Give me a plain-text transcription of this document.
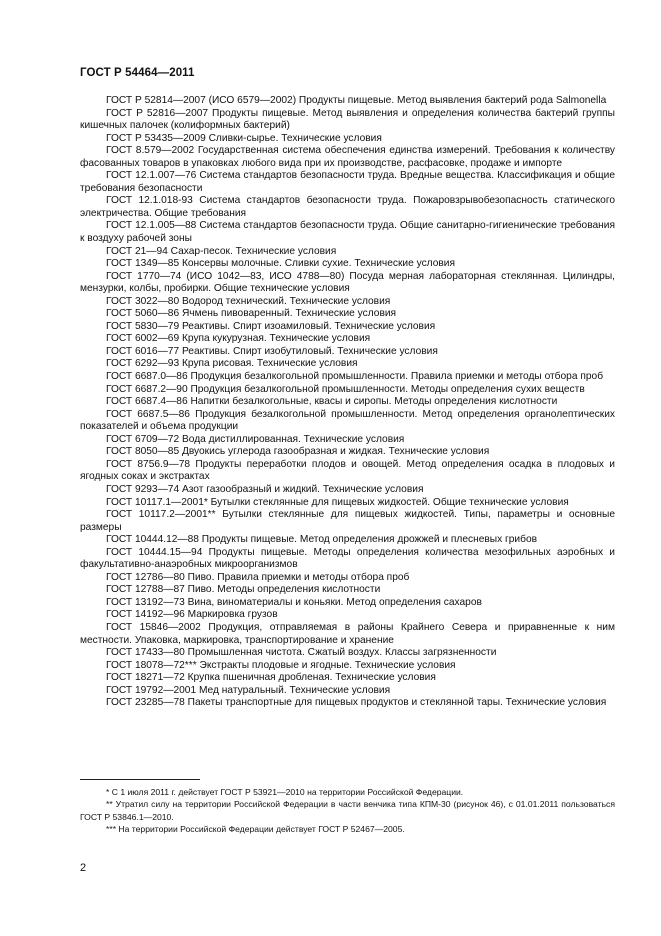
ГОСТ Р 54464—2011

ГОСТ Р 52814—2007 (ИСО 6579—2002) Продукты пищевые. Метод выявления бактерий рода Salmonella

ГОСТ Р 52816—2007 Продукты пищевые. Метод выявления и определения количества бактерий группы кишечных палочек (колиформных бактерий)

ГОСТ Р 53435—2009 Сливки-сырье. Технические условия

ГОСТ 8.579—2002 Государственная система обеспечения единства измерений. Требования к количеству фасованных товаров в упаковках любого вида при их производстве, расфасовке, продаже и импорте

ГОСТ 12.1.007—76 Система стандартов безопасности труда. Вредные вещества. Классификация и общие требования безопасности

ГОСТ 12.1.018-93 Система стандартов безопасности труда. Пожаровзрывобезопасность статического электричества. Общие требования

ГОСТ 12.1.005—88 Система стандартов безопасности труда. Общие санитарно-гигиенические требования к воздуху рабочей зоны

ГОСТ 21—94 Сахар-песок. Технические условия

ГОСТ 1349—85 Консервы молочные. Сливки сухие. Технические условия

ГОСТ 1770—74 (ИСО 1042—83, ИСО 4788—80) Посуда мерная лабораторная стеклянная. Цилиндры, мензурки, колбы, пробирки. Общие технические условия

ГОСТ 3022—80 Водород технический. Технические условия

ГОСТ 5060—86 Ячмень пивоваренный. Технические условия

ГОСТ 5830—79 Реактивы. Спирт изоамиловый. Технические условия

ГОСТ 6002—69 Крупа кукурузная. Технические условия

ГОСТ 6016—77 Реактивы. Спирт изобутиловый. Технические условия

ГОСТ 6292—93 Крупа рисовая. Технические условия

ГОСТ 6687.0—86 Продукция безалкогольной промышленности. Правила приемки и методы отбора проб

ГОСТ 6687.2—90 Продукция безалкогольной промышленности. Методы определения сухих веществ

ГОСТ 6687.4—86 Напитки безалкогольные, квасы и сиропы. Методы определения кислотности

ГОСТ 6687.5—86 Продукция безалкогольной промышленности. Метод определения органолептических показателей и объема продукции

ГОСТ 6709—72 Вода дистиллированная. Технические условия

ГОСТ 8050—85 Двуокись углерода газообразная и жидкая. Технические условия

ГОСТ 8756.9—78 Продукты переработки плодов и овощей. Метод определения осадка в плодовых и ягодных соках и экстрактах

ГОСТ 9293—74 Азот газообразный и жидкий. Технические условия

ГОСТ 10117.1—2001* Бутылки стеклянные для пищевых жидкостей. Общие технические условия

ГОСТ 10117.2—2001** Бутылки стеклянные для пищевых жидкостей. Типы, параметры и основные размеры

ГОСТ 10444.12—88 Продукты пищевые. Метод определения дрожжей и плесневых грибов

ГОСТ 10444.15—94 Продукты пищевые. Методы определения количества мезофильных аэробных и факультативно-анаэробных микроорганизмов

ГОСТ 12786—80 Пиво. Правила приемки и методы отбора проб

ГОСТ 12788—87 Пиво. Методы определения кислотности

ГОСТ 13192—73 Вина, виноматериалы и коньяки. Метод определения сахаров

ГОСТ 14192—96 Маркировка грузов

ГОСТ 15846—2002 Продукция, отправляемая в районы Крайнего Севера и приравненные к ним местности. Упаковка, маркировка, транспортирование и хранение

ГОСТ 17433—80 Промышленная чистота. Сжатый воздух. Классы загрязненности

ГОСТ 18078—72*** Экстракты плодовые и ягодные. Технические условия

ГОСТ 18271—72 Крупка пшеничная дробленая. Технические условия

ГОСТ 19792—2001 Мед натуральный. Технические условия

ГОСТ 23285—78 Пакеты транспортные для пищевых продуктов и стеклянной тары. Технические условия

* С 1 июля 2011 г. действует ГОСТ Р 53921—2010 на территории Российской Федерации.

** Утратил силу на территории Российской Федерации в части венчика типа КПМ-30 (рисунок 46), с 01.01.2011 пользоваться ГОСТ Р 53846.1—2010.

*** На территории Российской Федерации действует ГОСТ Р 52467—2005.

2
